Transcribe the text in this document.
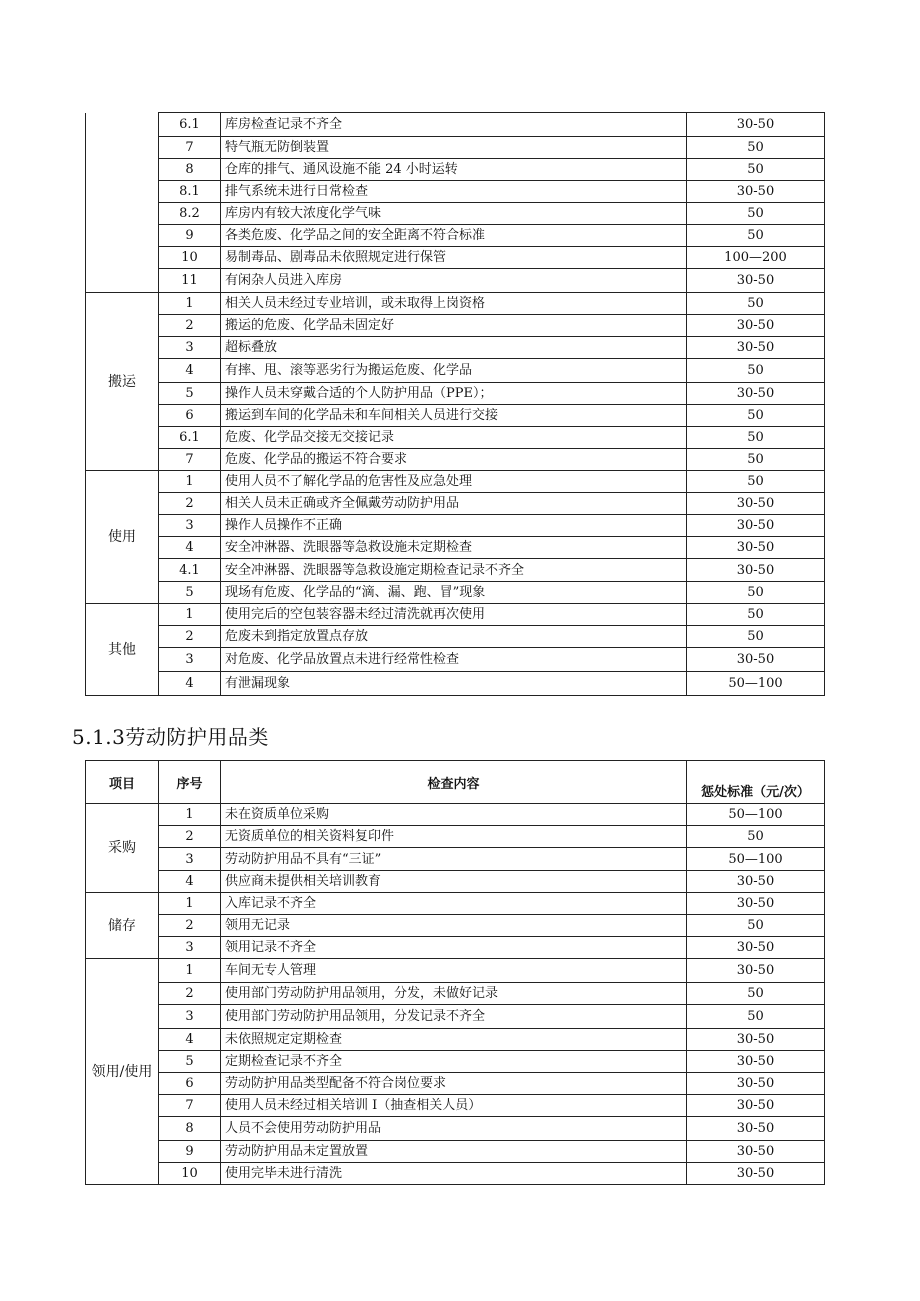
	6.1	库房检查记录不齐全	30-50
	7	特气瓶无防倒装置	50
	8	仓库的排气、通风设施不能 24 小时运转	50
	8.1	排气系统未进行日常检查	30-50
	8.2	库房内有较大浓度化学气味	50
	9	各类危废、化学品之间的安全距离不符合标准	50
	10	易制毒品、剧毒品未依照规定进行保管	100—200
	11	有闲杂人员进入库房	30-50
搬运	1	相关人员未经过专业培训，或未取得上岗资格	50
	2	搬运的危废、化学品未固定好	30-50
	3	超标叠放	30-50
	4	有摔、甩、滚等恶劣行为搬运危废、化学品	50
	5	操作人员未穿戴合适的个人防护用品（PPE）；	30-50
	6	搬运到车间的化学品未和车间相关人员进行交接	50
	6.1	危废、化学品交接无交接记录	50
	7	危废、化学品的搬运不符合要求	50
使用	1	使用人员不了解化学品的危害性及应急处理	50
	2	相关人员未正确或齐全佩戴劳动防护用品	30-50
	3	操作人员操作不正确	30-50
	4	安全冲淋器、洗眼器等急救设施未定期检查	30-50
	4.1	安全冲淋器、洗眼器等急救设施定期检查记录不齐全	30-50
	5	现场有危废、化学品的“滴、漏、跑、冒”现象	50
其他	1	使用完后的空包装容器未经过清洗就再次使用	50
	2	危废未到指定放置点存放	50
	3	对危废、化学品放置点未进行经常性检查	30-50
	4	有泄漏现象	50—100
5.1.3劳动防护用品类
项目	序号	检查内容	惩处标准（元/次）
采购	1	未在资质单位采购	50—100
	2	无资质单位的相关资料复印件	50
	3	劳动防护用品不具有“三证”	50—100
	4	供应商未提供相关培训教育	30-50
储存	1	入库记录不齐全	30-50
	2	领用无记录	50
	3	领用记录不齐全	30-50
领用/使用	1	车间无专人管理	30-50
	2	使用部门劳动防护用品领用，分发，未做好记录	50
	3	使用部门劳动防护用品领用，分发记录不齐全	50
	4	未依照规定定期检查	30-50
	5	定期检查记录不齐全	30-50
	6	劳动防护用品类型配备不符合岗位要求	30-50
	7	使用人员未经过相关培训 I（抽查相关人员）	30-50
	8	人员不会使用劳动防护用品	30-50
	9	劳动防护用品未定置放置	30-50
	10	使用完毕未进行清洗	30-50
